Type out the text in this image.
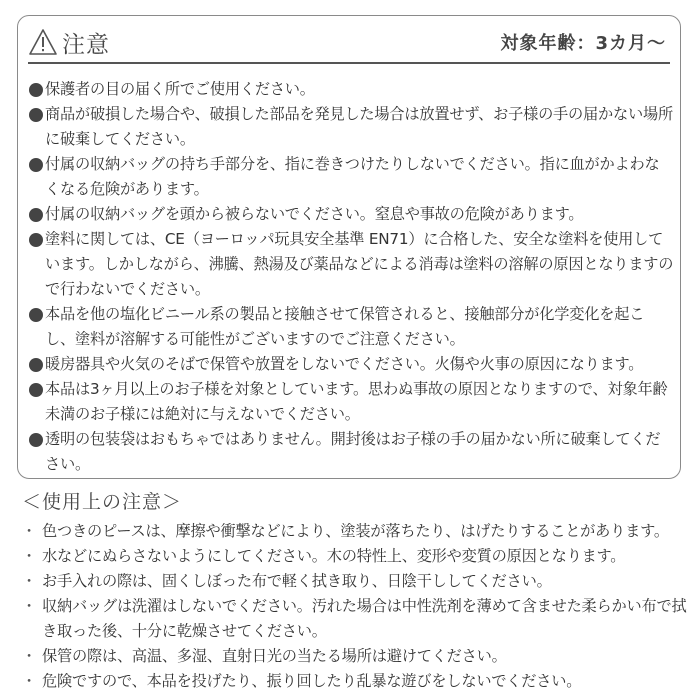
注意	対象年齢：3カ月〜
保護者の目の届く所でご使用ください。
商品が破損した場合や、破損した部品を発見した場合は放置せず、お子様の手の届かない場所に破棄してください。
付属の収納バッグの持ち手部分を、指に巻きつけたりしないでください。指に血がかよわなくなる危険があります。
付属の収納バッグを頭から被らないでください。窒息や事故の危険があります。
塗料に関しては、CE（ヨーロッパ玩具安全基準 EN71）に合格した、安全な塗料を使用しています。しかしながら、沸騰、熱湯及び薬品などによる消毒は塗料の溶解の原因となりますので行わないでください。
本品を他の塩化ビニール系の製品と接触させて保管されると、接触部分が化学変化を起こし、塗料が溶解する可能性がございますのでご注意ください。
暖房器具や火気のそばで保管や放置をしないでください。火傷や火事の原因になります。
本品は3ヶ月以上のお子様を対象としています。思わぬ事故の原因となりますので、対象年齢未満のお子様には絶対に与えないでください。
透明の包装袋はおもちゃではありません。開封後はお子様の手の届かない所に破棄してください。
＜使用上の注意＞
・ 色つきのピースは、摩擦や衝撃などにより、塗装が落ちたり、はげたりすることがあります。
・ 水などにぬらさないようにしてください。木の特性上、変形や変質の原因となります。
・ お手入れの際は、固くしぼった布で軽く拭き取り、日陰干ししてください。
・ 収納バッグは洗濯はしないでください。汚れた場合は中性洗剤を薄めて含ませた柔らかい布で拭き取った後、十分に乾燥させてください。
・ 保管の際は、高温、多湿、直射日光の当たる場所は避けてください。
・ 危険ですので、本品を投げたり、振り回したり乱暴な遊びをしないでください。
